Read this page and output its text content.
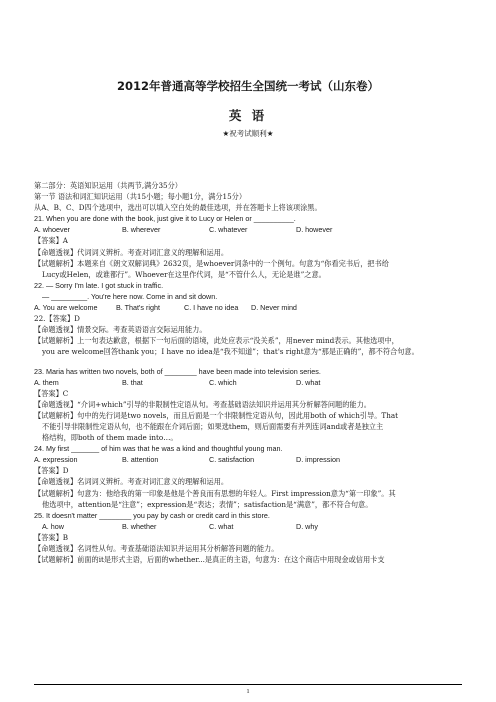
2012年普通高等学校招生全国统一考试（山东卷）
英 语
★祝考试顺利★
第二部分：英语知识运用（共两节,满分35分）
第一节 语法和词汇知识运用（共15小题；每小题1分，满分15分）
从A、B、C、D四个选项中，选出可以填入空白处的最佳选项，并在答题卡上将该项涂黑。
21. When you are done with the book, just give it to Lucy or Helen or __________.
A. whoever	B. wherever	C. whatever	D. however
【答案】A
【命题透视】代词词义辨析。考查对词汇意义的理解和运用。
【试题解析】本题来自《朗文双解词典》2632页，是whoever词条中的一个例句。句意为“你看完书后，把书给
Lucy或Helen，或谁都行”。Whoever在这里作代词，是“不管什么人，无论是谁”之意。
22. — Sorry I'm late. I got stuck in traffic.
— _________. You're here now. Come in and sit down.
A. You are welcome	B. That's right	C. I have no idea	D. Never mind
22.【答案】D
【命题透视】情景交际。考查英语语言交际运用能力。
【试题解析】上一句表达歉意，根据下一句后面的语境，此处应表示“没关系”，用never mind表示。其他选项中，
you are welcome回答thank you；I have no idea是“我不知道”；that's right意为“那是正确的”，都不符合句意。
23. Maria has written two novels, both of ________ have been made into television series.
A. them	B. that	C. which	D. what
【答案】C
【命题透视】“介词+which”引导的非限制性定语从句。考查基础语法知识并运用其分析解答问题的能力。
【试题解析】句中的先行词是two novels，而且后面是一个非限制性定语从句，因此用both of which引导。That
不能引导非限制性定语从句，也不能跟在介词后面；如果选them，则后面需要有并列连词and或者是独立主
格结构，即both of them made into…。
24. My first _______ of him was that he was a kind and thoughtful young man.
A. expression	B. attention	C. satisfaction	D. impression
【答案】D
【命题透视】名词词义辨析。考查对词汇意义的理解和运用。
【试题解析】句意为：他给我的第一印象是他是个善良而有思想的年轻人。First impression意为“第一印象”。其
他选项中，attention是“注意”；expression是“表达；表情”；satisfaction是“满意”，都不符合句意。
25. It doesn't matter ________ you pay by cash or credit card in this store.
A. how	B. whether	C. what	D. why
【答案】B
【命题透视】名词性从句。考查基础语法知识并运用其分析解答问题的能力。
【试题解析】前面的it是形式主语，后面的whether...是真正的主语，句意为：在这个商店中用现金或信用卡支
1
